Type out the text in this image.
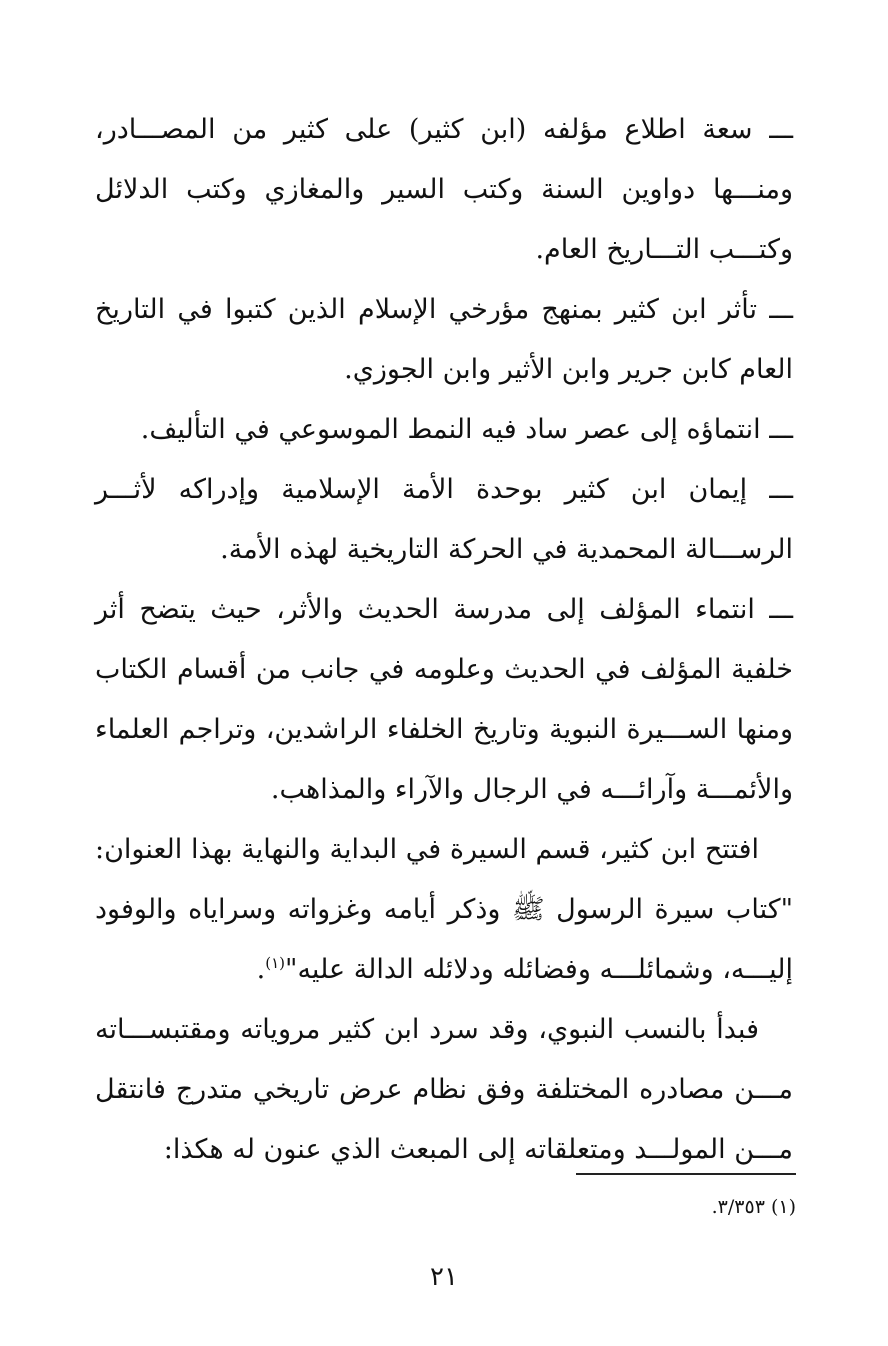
ـــ سعة اطلاع مؤلفه (ابن كثير) على كثير من المصـــادر، ومنـــها دواوين السنة وكتب السير والمغازي وكتب الدلائل وكتـــب التـــاريخ العام.

ـــ تأثر ابن كثير بمنهج مؤرخي الإسلام الذين كتبوا في التاريخ العام كابن جرير وابن الأثير وابن الجوزي.

ـــ انتماؤه إلى عصر ساد فيه النمط الموسوعي في التأليف.

ـــ إيمان ابن كثير بوحدة الأمة الإسلامية وإدراكه لأثـــر الرســـالة المحمدية في الحركة التاريخية لهذه الأمة.

ـــ انتماء المؤلف إلى مدرسة الحديث والأثر، حيث يتضح أثر خلفية المؤلف في الحديث وعلومه في جانب من أقسام الكتاب ومنها الســـيرة النبوية وتاريخ الخلفاء الراشدين، وتراجم العلماء والأئمـــة وآرائـــه في الرجال والآراء والمذاهب.

افتتح ابن كثير، قسم السيرة في البداية والنهاية بهذا العنوان: "كتاب سيرة الرسول ﷺ وذكر أيامه وغزواته وسراياه والوفود إليـــه، وشمائلـــه وفضائله ودلائله الدالة عليه"$^{(١)}$.

فبدأ بالنسب النبوي، وقد سرد ابن كثير مروياته ومقتبســـاته مـــن مصادره المختلفة وفق نظام عرض تاريخي متدرج فانتقل مـــن المولـــد ومتعلقاته إلى المبعث الذي عنون له هكذا:

(١) ٣/٣٥٣.
٢١
